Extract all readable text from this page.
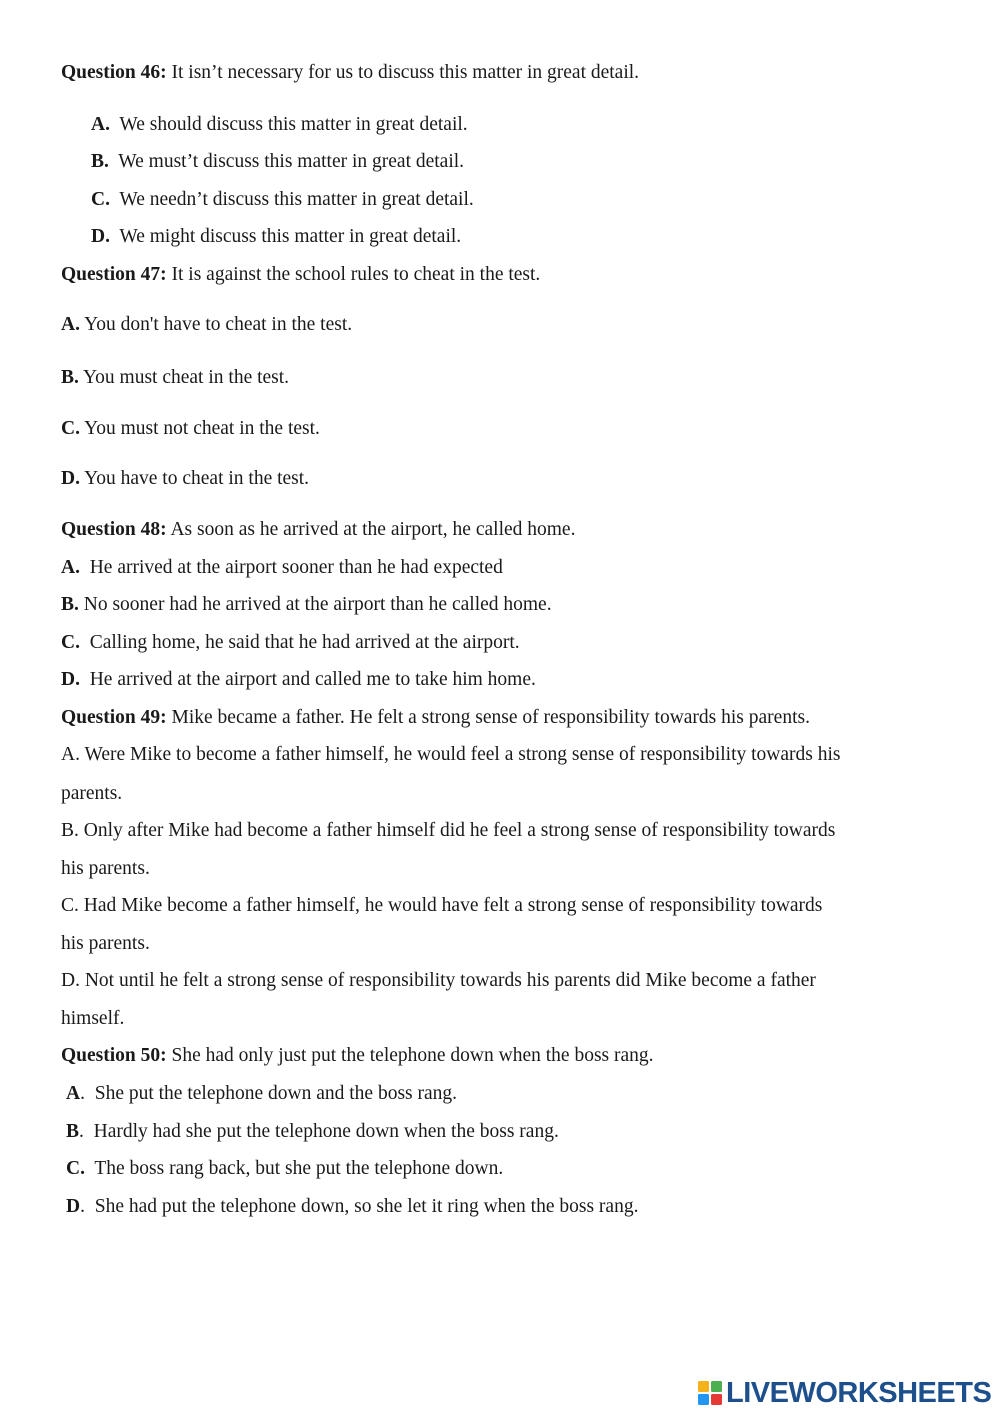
Question 46: It isn’t necessary for us to discuss this matter in great detail.
A. We should discuss this matter in great detail.
B. We must’t discuss this matter in great detail.
C. We needn’t discuss this matter in great detail.
D. We might discuss this matter in great detail.
Question 47: It is against the school rules to cheat in the test.
A. You don't have to cheat in the test.
B. You must cheat in the test.
C. You must not cheat in the test.
D. You have to cheat in the test.
Question 48: As soon as he arrived at the airport, he called home.
A.  He arrived at the airport sooner than he had expected
B. No sooner had he arrived at the airport than he called home.
C.  Calling home, he said that he had arrived at the airport.
D.  He arrived at the airport and called me to take him home.
Question 49: Mike became a father. He felt a strong sense of responsibility towards his parents.
A. Were Mike to become a father himself, he would feel a strong sense of responsibility towards his
parents.
B. Only after Mike had become a father himself did he feel a strong sense of responsibility towards
his parents.
C. Had Mike become a father himself, he would have felt a strong sense of responsibility towards
his parents.
D. Not until he felt a strong sense of responsibility towards his parents did Mike become a father
himself.
Question 50: She had only just put the telephone down when the boss rang.
A.  She put the telephone down and the boss rang.
B.  Hardly had she put the telephone down when the boss rang.
C.  The boss rang back, but she put the telephone down.
D.  She had put the telephone down, so she let it ring when the boss rang.
LIVEWORKSHEETS
